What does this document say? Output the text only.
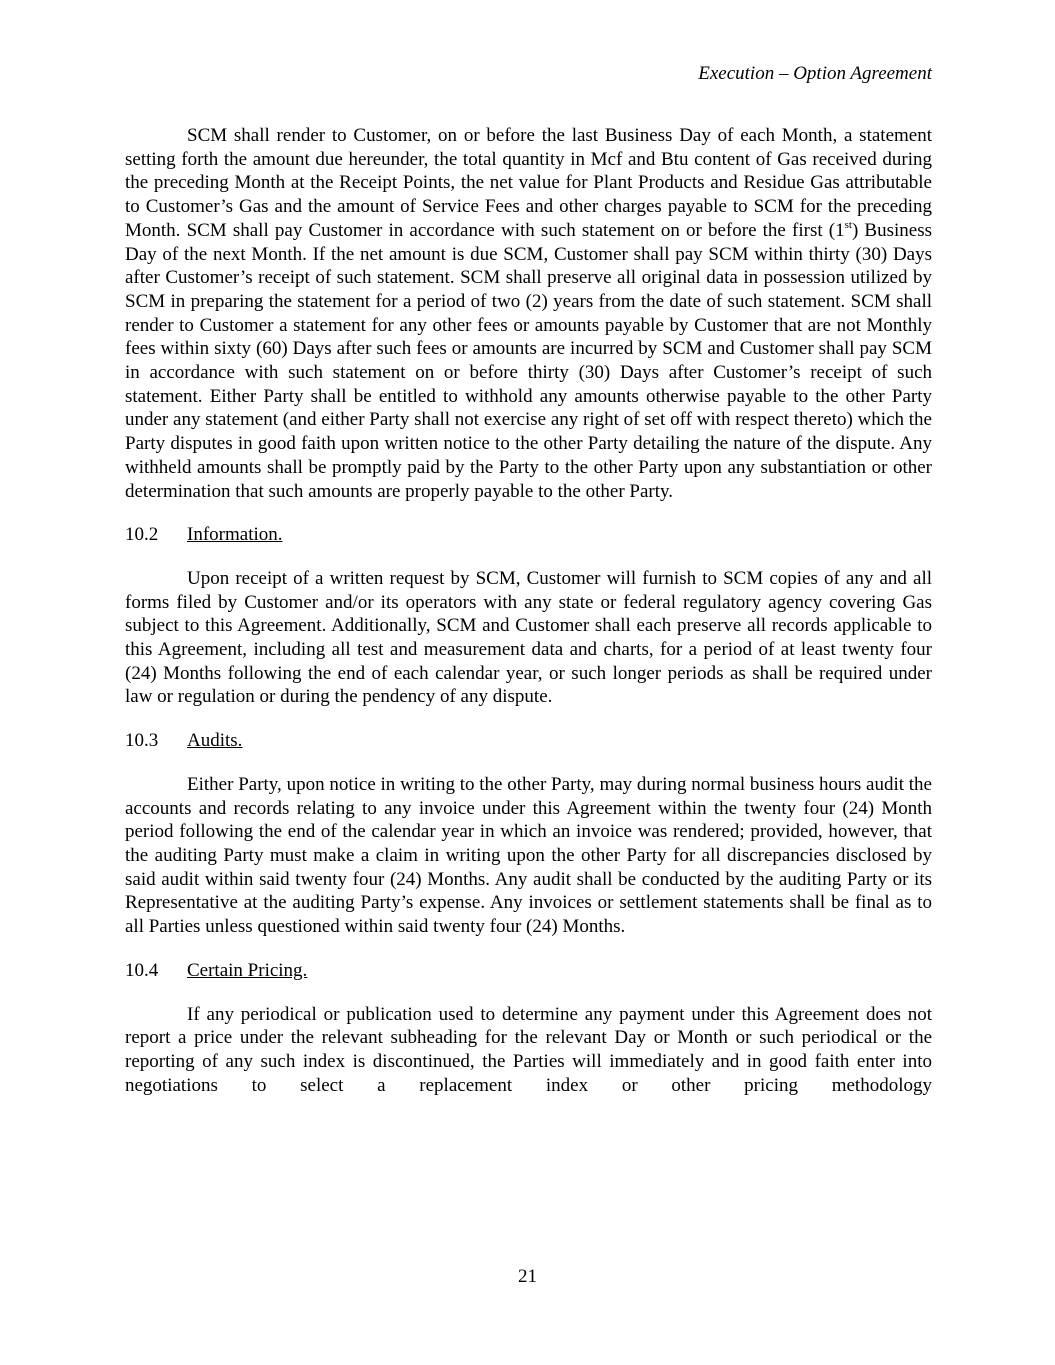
Execution – Option Agreement

SCM shall render to Customer, on or before the last Business Day of each Month, a statement setting forth the amount due hereunder, the total quantity in Mcf and Btu content of Gas received during the preceding Month at the Receipt Points, the net value for Plant Products and Residue Gas attributable to Customer’s Gas and the amount of Service Fees and other charges payable to SCM for the preceding Month. SCM shall pay Customer in accordance with such statement on or before the first (1st) Business Day of the next Month. If the net amount is due SCM, Customer shall pay SCM within thirty (30) Days after Customer’s receipt of such statement. SCM shall preserve all original data in possession utilized by SCM in preparing the statement for a period of two (2) years from the date of such statement. SCM shall render to Customer a statement for any other fees or amounts payable by Customer that are not Monthly fees within sixty (60) Days after such fees or amounts are incurred by SCM and Customer shall pay SCM in accordance with such statement on or before thirty (30) Days after Customer’s receipt of such statement. Either Party shall be entitled to withhold any amounts otherwise payable to the other Party under any statement (and either Party shall not exercise any right of set off with respect thereto) which the Party disputes in good faith upon written notice to the other Party detailing the nature of the dispute. Any withheld amounts shall be promptly paid by the Party to the other Party upon any substantiation or other determination that such amounts are properly payable to the other Party.

10.2	Information.

Upon receipt of a written request by SCM, Customer will furnish to SCM copies of any and all forms filed by Customer and/or its operators with any state or federal regulatory agency covering Gas subject to this Agreement. Additionally, SCM and Customer shall each preserve all records applicable to this Agreement, including all test and measurement data and charts, for a period of at least twenty four (24) Months following the end of each calendar year, or such longer periods as shall be required under law or regulation or during the pendency of any dispute.

10.3	Audits.

Either Party, upon notice in writing to the other Party, may during normal business hours audit the accounts and records relating to any invoice under this Agreement within the twenty four (24) Month period following the end of the calendar year in which an invoice was rendered; provided, however, that the auditing Party must make a claim in writing upon the other Party for all discrepancies disclosed by said audit within said twenty four (24) Months. Any audit shall be conducted by the auditing Party or its Representative at the auditing Party’s expense. Any invoices or settlement statements shall be final as to all Parties unless questioned within said twenty four (24) Months.

10.4	Certain Pricing.

If any periodical or publication used to determine any payment under this Agreement does not report a price under the relevant subheading for the relevant Day or Month or such periodical or the reporting of any such index is discontinued, the Parties will immediately and in good faith enter into negotiations to select a replacement index or other pricing methodology

21
